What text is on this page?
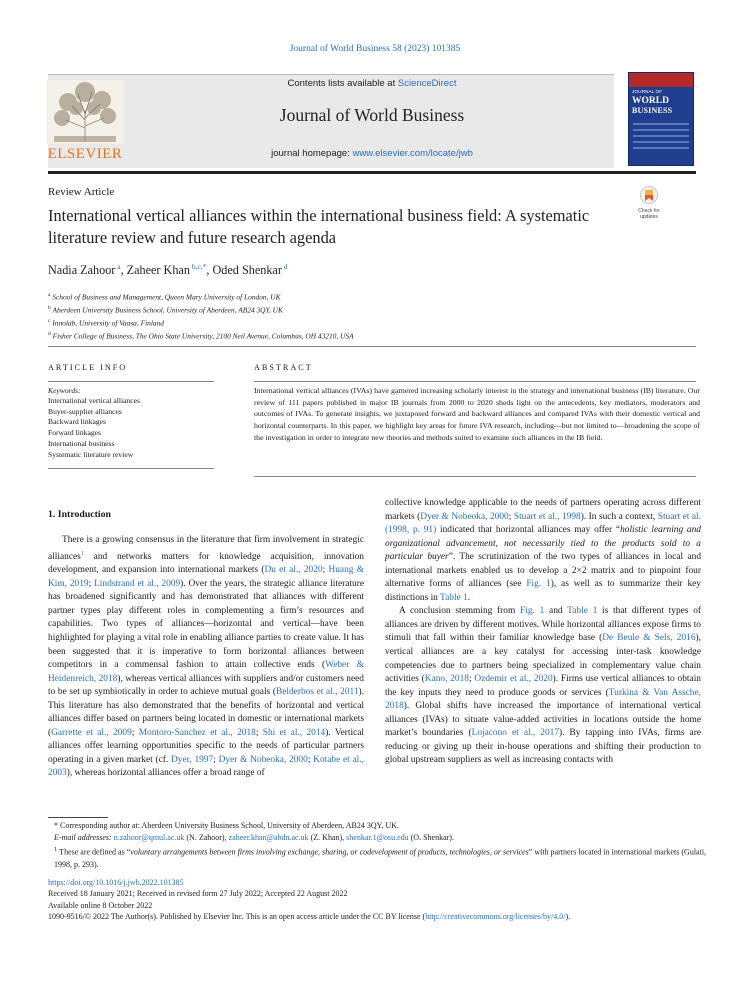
Journal of World Business 58 (2023) 101385
ELSEVIER
Contents lists available at ScienceDirect
Journal of World Business
journal homepage: www.elsevier.com/locate/jwb
JOURNAL OF
WORLD
BUSINESS
Review Article
International vertical alliances within the international business field: A systematic literature review and future research agenda
Check for updates
Nadia Zahoor $^a$, Zaheer Khan $^{b,c,*}$, Oded Shenkar $^d$
$^a$ School of Business and Management, Queen Mary University of London, UK
$^b$ Aberdeen University Business School, University of Aberdeen, AB24 3QY, UK
$^c$ Innolab, University of Vaasa, Finland
$^d$ Fisher College of Business, The Ohio State University, 2100 Neil Avenue, Columbus, OH 43210, USA
ARTICLE INFO
Keywords:
International vertical alliances
Buyer-supplier alliances
Backward linkages
Forward linkages
International business
Systematic literature review
ABSTRACT
International vertical alliances (IVAs) have garnered increasing scholarly interest in the strategy and international business (IB) literature. Our review of 111 papers published in major IB journals from 2000 to 2020 sheds light on the antecedents, key mediators, moderators and outcomes of IVAs. To generate insights, we juxtaposed forward and backward alliances and compared IVAs with their domestic vertical and horizontal counterparts. In this paper, we highlight key areas for future IVA research, including—but not limited to—broadening the scope of the investigation in order to integrate new theories and methods suited to examine such alliances in the IB field.
1. Introduction

There is a growing consensus in the literature that firm involvement in strategic alliances$^1$ and networks matters for knowledge acquisition, innovation development, and expansion into international markets (Du et al., 2020; Huang & Kim, 2019; Lindstrand et al., 2009). Over the years, the strategic alliance literature has broadened significantly and has demonstrated that alliances with different partner types play different roles in complementing a firm’s resources and capabilities. Two types of alliances—horizontal and vertical—have been highlighted for playing a vital role in enabling alliance parties to create value. It has been suggested that it is imperative to form horizontal alliances between competitors in a commensal fashion to attain collective ends (Weber & Heidenreich, 2018), whereas vertical alliances with suppliers and/or customers need to be set up symbiotically in order to achieve mutual goals (Belderbos et al., 2011). This literature has also demonstrated that the benefits of horizontal and vertical alliances differ based on partners being located in domestic or international markets (Garrette et al., 2009; Montoro-Sanchez et al., 2018; Shi et al., 2014). Vertical alliances offer learning opportunities specific to the needs of particular partners operating in a given market (cf. Dyer, 1997; Dyer & Nobeoka, 2000; Kotabe et al., 2003), whereas horizontal alliances offer a broad range of

collective knowledge applicable to the needs of partners operating across different markets (Dyer & Nobeoka, 2000; Stuart et al., 1998). In such a context, Stuart et al. (1998, p. 91) indicated that horizontal alliances may offer “holistic learning and organizational advancement, not necessarily tied to the products sold to a particular buyer”. The scrutinization of the two types of alliances in local and international markets enabled us to develop a 2×2 matrix and to pinpoint four alternative forms of alliances (see Fig. 1), as well as to summarize their key distinctions in Table 1.

A conclusion stemming from Fig. 1 and Table 1 is that different types of alliances are driven by different motives. While horizontal alliances expose firms to stimuli that fall within their familiar knowledge base (De Beule & Sels, 2016), vertical alliances are a key catalyst for accessing inter-task knowledge competencies due to partners being specialized in complementary value chain activities (Kano, 2018; Ozdemir et al., 2020). Firms use vertical alliances to obtain the key inputs they need to produce goods or services (Turkina & Van Assche, 2018). Global shifts have increased the importance of international vertical alliances (IVAs) to situate value-added activities in locations outside the home market’s boundaries (Lojacono et al., 2017). By tapping into IVAs, firms are reducing or giving up their in-house operations and shifting their production to global upstream suppliers as well as increasing contacts with

* Corresponding author at: Aberdeen University Business School, University of Aberdeen, AB24 3QY, UK.
E-mail addresses: n.zahoor@qmul.ac.uk (N. Zahoor), zaheer.khan@abdn.ac.uk (Z. Khan), shenkar.1@osu.edu (O. Shenkar).
$^1$ These are defined as “voluntary arrangements between firms involving exchange, sharing, or codevelopment of products, technologies, or services” with partners located in international markets (Gulati, 1998, p. 293).
https://doi.org/10.1016/j.jwb.2022.101385
Received 18 January 2021; Received in revised form 27 July 2022; Accepted 22 August 2022
Available online 8 October 2022
1090-9516/© 2022 The Author(s). Published by Elsevier Inc. This is an open access article under the CC BY license (http://creativecommons.org/licenses/by/4.0/).
